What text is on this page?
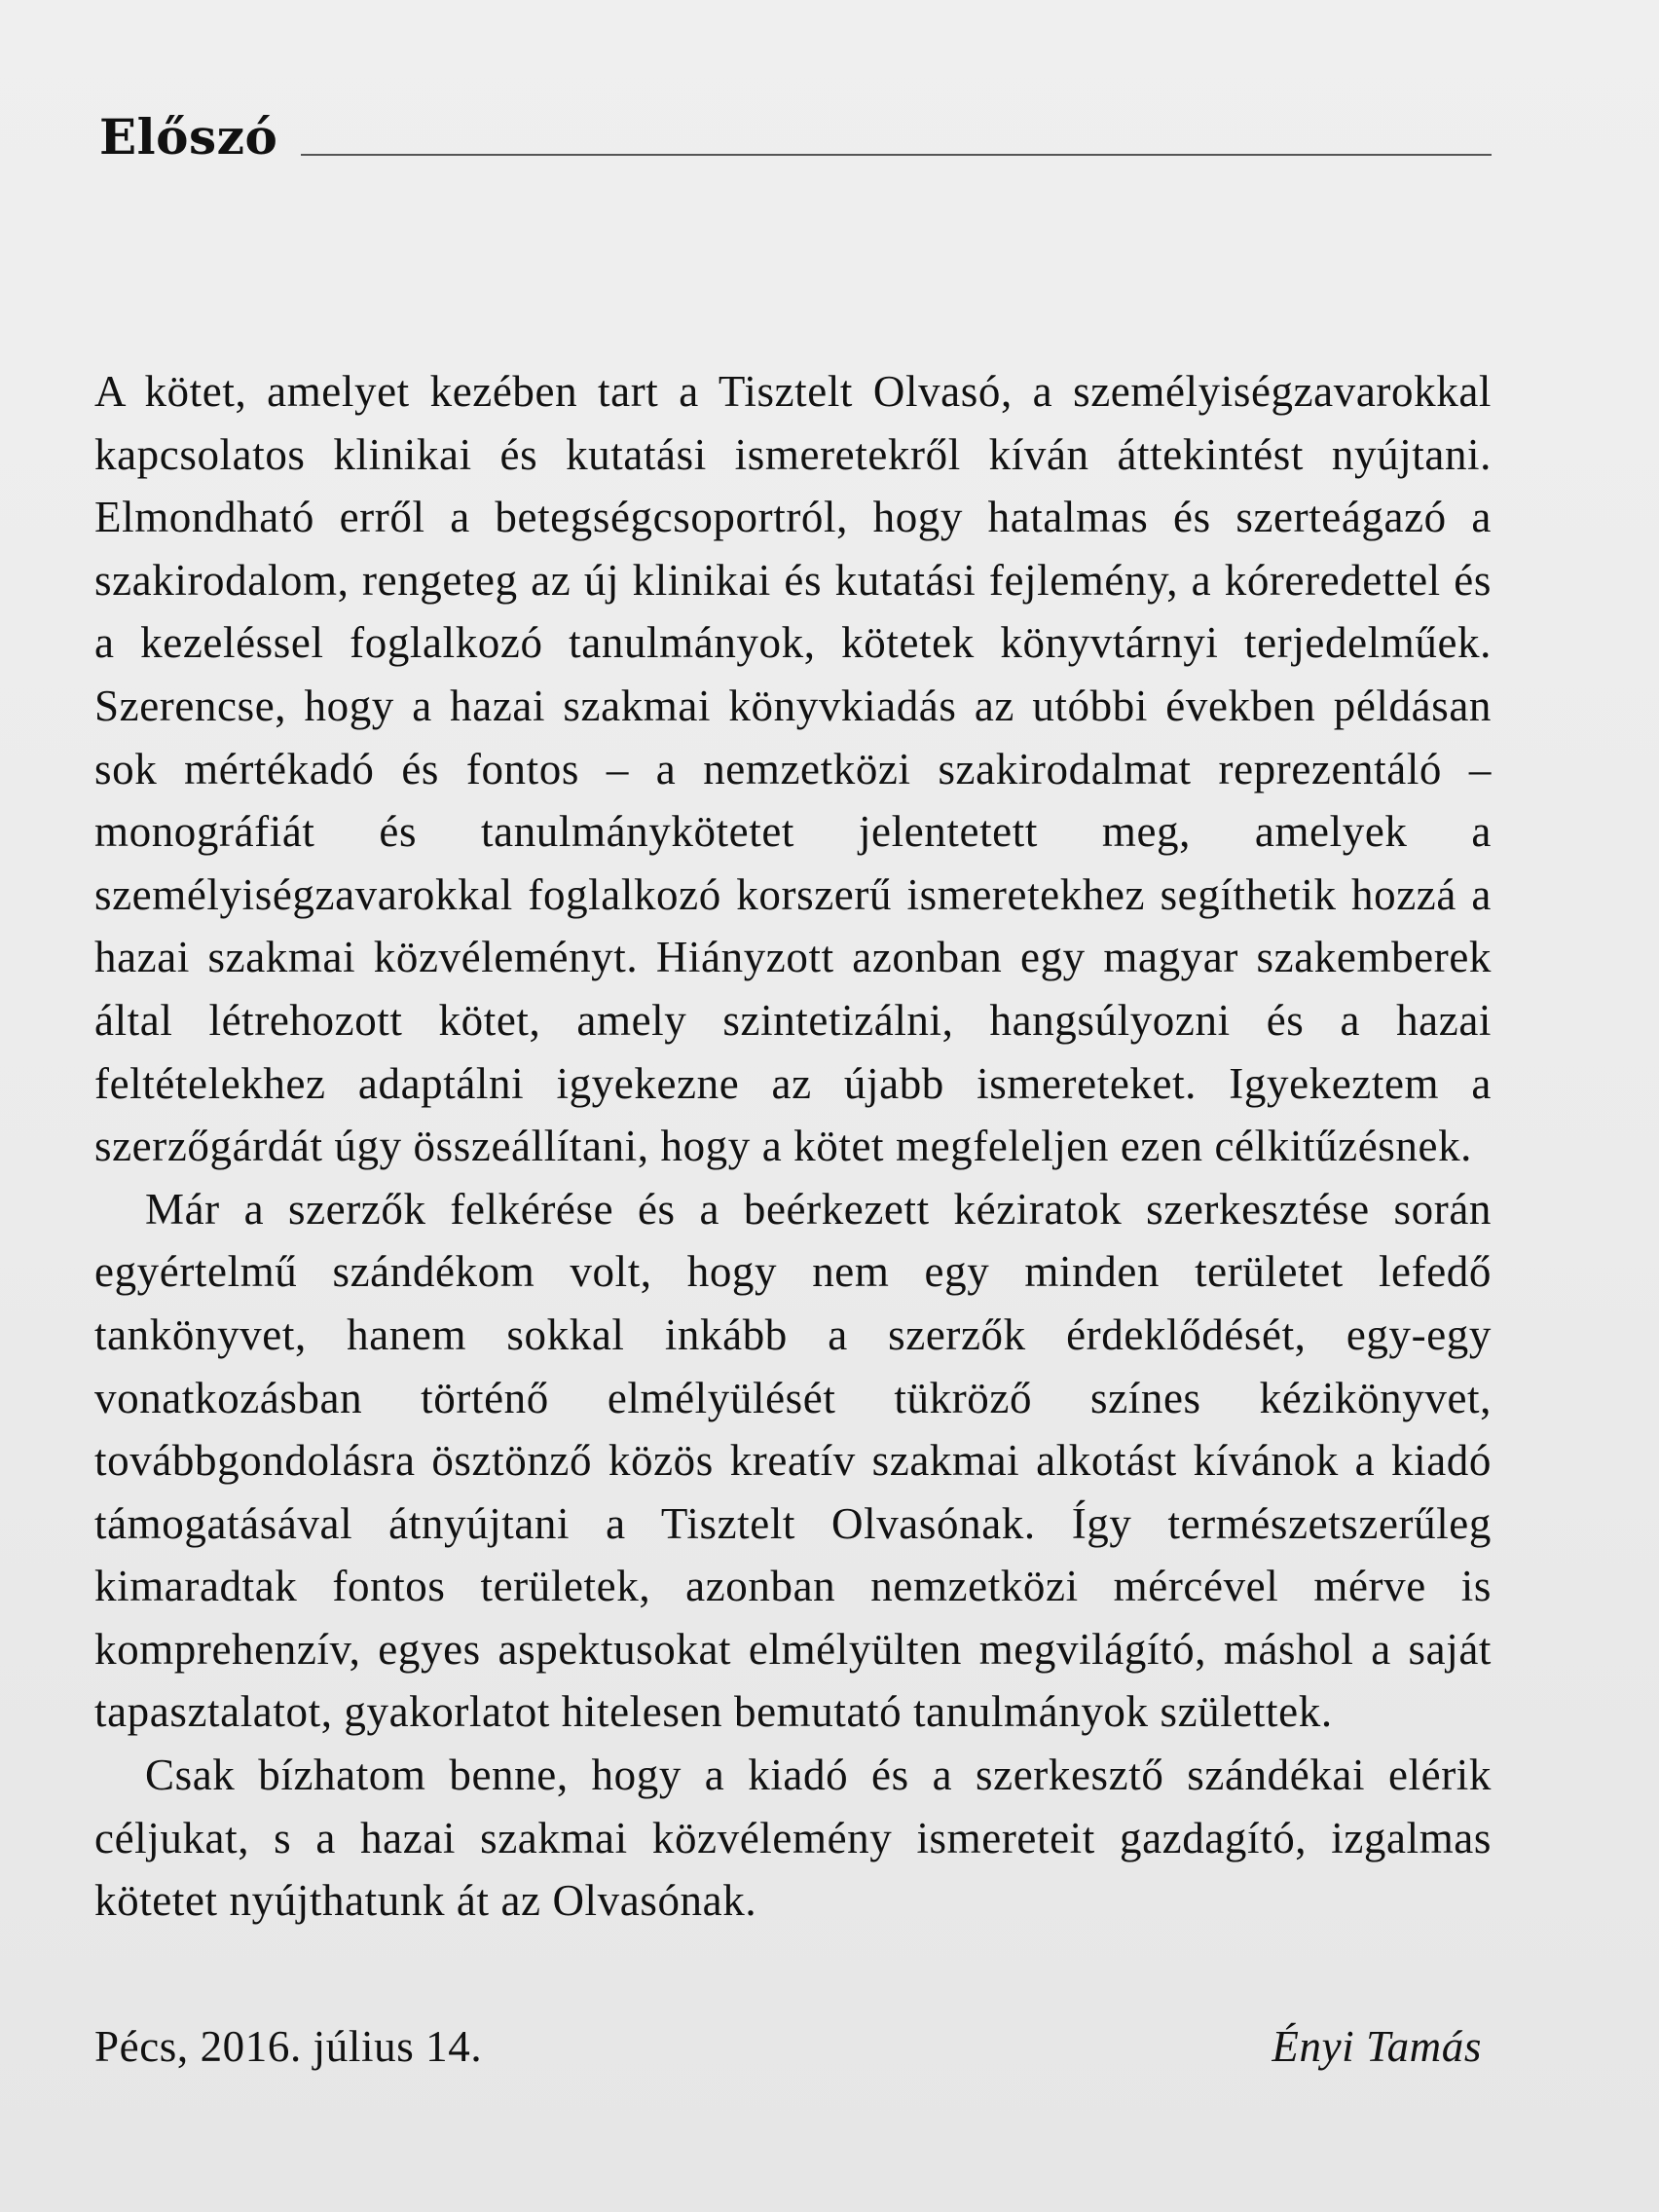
Előszó

A kötet, amelyet kezében tart a Tisztelt Olvasó, a személyiségzavarokkal kapcsolatos klinikai és kutatási ismeretekről kíván áttekintést nyújtani. Elmondható erről a betegségcsoportról, hogy hatalmas és szerteágazó a szakirodalom, rengeteg az új klinikai és kutatási fejlemény, a kóreredettel és a kezeléssel foglalkozó tanulmányok, kötetek könyvtárnyi terjedelműek. Szerencse, hogy a hazai szakmai könyvkiadás az utóbbi években példásan sok mértékadó és fontos – a nemzetközi szakirodalmat reprezentáló – monográfiát és tanulmánykötetet jelentetett meg, amelyek a személyiségzavarokkal foglalkozó korszerű ismeretekhez segíthetik hozzá a hazai szakmai közvéleményt. Hiányzott azonban egy magyar szakemberek által létrehozott kötet, amely szintetizálni, hangsúlyozni és a hazai feltételekhez adaptálni igyekezne az újabb ismereteket. Igyekeztem a szerzőgárdát úgy összeállítani, hogy a kötet megfeleljen ezen célkitűzésnek.

Már a szerzők felkérése és a beérkezett kéziratok szerkesztése során egyértelmű szándékom volt, hogy nem egy minden területet lefedő tankönyvet, hanem sokkal inkább a szerzők érdeklődését, egy-egy vonatkozásban történő elmélyülését tükröző színes kézikönyvet, továbbgondolásra ösztönző közös kreatív szakmai alkotást kívánok a kiadó támogatásával átnyújtani a Tisztelt Olvasónak. Így természetszerűleg kimaradtak fontos területek, azonban nemzetközi mércével mérve is komprehenzív, egyes aspektusokat elmélyülten megvilágító, máshol a saját tapasztalatot, gyakorlatot hitelesen bemutató tanulmányok születtek.

Csak bízhatom benne, hogy a kiadó és a szerkesztő szándékai elérik céljukat, s a hazai szakmai közvélemény ismereteit gazdagító, izgalmas kötetet nyújthatunk át az Olvasónak.

Pécs, 2016. július 14.	Ényi Tamás
